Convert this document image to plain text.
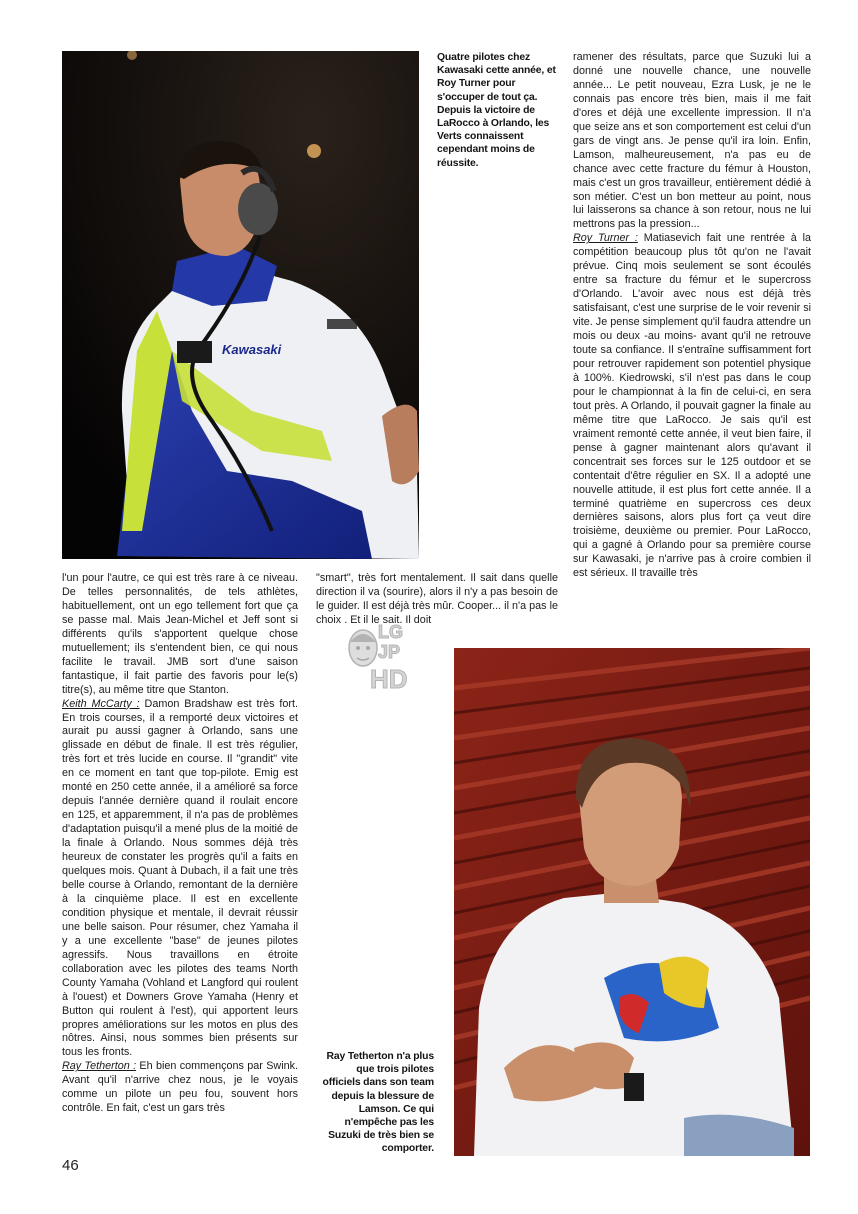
Kawasaki
Quatre pilotes chez Kawasaki cette année, et Roy Turner pour s'occuper de tout ça. Depuis la victoire de LaRocco à Orlando, les Verts connaissent cependant moins de réussite.

ramener des résultats, parce que Suzuki lui a donné une nouvelle chance, une nouvelle année... Le petit nouveau, Ezra Lusk, je ne le connais pas encore très bien, mais il me fait d'ores et déjà une excellente impression. Il n'a que seize ans et son comportement est celui d'un gars de vingt ans. Je pense qu'il ira loin. Enfin, Lamson, malheureusement, n'a pas eu de chance avec cette fracture du fémur à Houston, mais c'est un gros travailleur, entièrement dédié à son métier. C'est un bon metteur au point, nous lui laisserons sa chance à son retour, nous ne lui mettrons pas la pression...

Roy Turner : Matiasevich fait une rentrée à la compétition beaucoup plus tôt qu'on ne l'avait prévue. Cinq mois seulement se sont écoulés entre sa fracture du fémur et le supercross d'Orlando. L'avoir avec nous est déjà très satisfaisant, c'est une surprise de le voir revenir si vite. Je pense simplement qu'il faudra attendre un mois ou deux -au moins- avant qu'il ne retrouve toute sa confiance. Il s'entraîne suffisamment fort pour retrouver rapidement son potentiel physique à 100%. Kiedrowski, s'il n'est pas dans le coup pour le championnat à la fin de celui-ci, en sera tout près. A Orlando, il pouvait gagner la finale au même titre que LaRocco. Je sais qu'il est vraiment remonté cette année, il veut bien faire, il pense à gagner maintenant alors qu'avant il concentrait ses forces sur le 125 outdoor et se contentait d'être régulier en SX. Il a adopté une nouvelle attitude, il est plus fort cette année. Il a terminé quatrième en supercross ces deux dernières saisons, alors plus fort ça veut dire troisième, deuxième ou premier. Pour LaRocco, qui a gagné à Orlando pour sa première course sur Kawasaki, je n'arrive pas à croire combien il est sérieux. Il travaille très

l'un pour l'autre, ce qui est très rare à ce niveau. De telles personnalités, de tels athlètes, habituellement, ont un ego tellement fort que ça se passe mal. Mais Jean-Michel et Jeff sont si différents qu'ils s'apportent quelque chose mutuellement; ils s'entendent bien, ce qui nous facilite le travail. JMB sort d'une saison fantastique, il fait partie des favoris pour le(s) titre(s), au même titre que Stanton.

Keith McCarty : Damon Bradshaw est très fort. En trois courses, il a remporté deux victoires et aurait pu aussi gagner à Orlando, sans une glissade en début de finale. Il est très régulier, très fort et très lucide en course. Il "grandit" vite en ce moment en tant que top-pilote. Emig est monté en 250 cette année, il a amélioré sa force depuis l'année dernière quand il roulait encore en 125, et apparemment, il n'a pas de problèmes d'adaptation puisqu'il a mené plus de la moitié de la finale à Orlando. Nous sommes déjà très heureux de constater les progrès qu'il a faits en quelques mois. Quant à Dubach, il a fait une très belle course à Orlando, remontant de la dernière à la cinquième place. Il est en excellente condition physique et mentale, il devrait réussir une belle saison. Pour résumer, chez Yamaha il y a une excellente "base" de jeunes pilotes agressifs. Nous travaillons en étroite collaboration avec les pilotes des teams North County Yamaha (Vohland et Langford qui roulent à l'ouest) et Downers Grove Yamaha (Henry et Button qui roulent à l'est), qui apportent leurs propres améliorations sur les motos en plus des nôtres. Ainsi, nous sommes bien présents sur tous les fronts.

Ray Tetherton : Eh bien commençons par Swink. Avant qu'il n'arrive chez nous, je le voyais comme un pilote un peu fou, souvent hors contrôle. En fait, c'est un gars très

"smart", très fort mentalement. Il sait dans quelle direction il va (sourire), alors il n'y a pas besoin de le guider. Il est déjà très mûr. Cooper... il n'a pas le choix . Et il le sait. Il doit

LG
JP
HD
Ray Tetherton n'a plus que trois pilotes officiels dans son team depuis la blessure de Lamson. Ce qui n'empêche pas les Suzuki de très bien se comporter.
46
